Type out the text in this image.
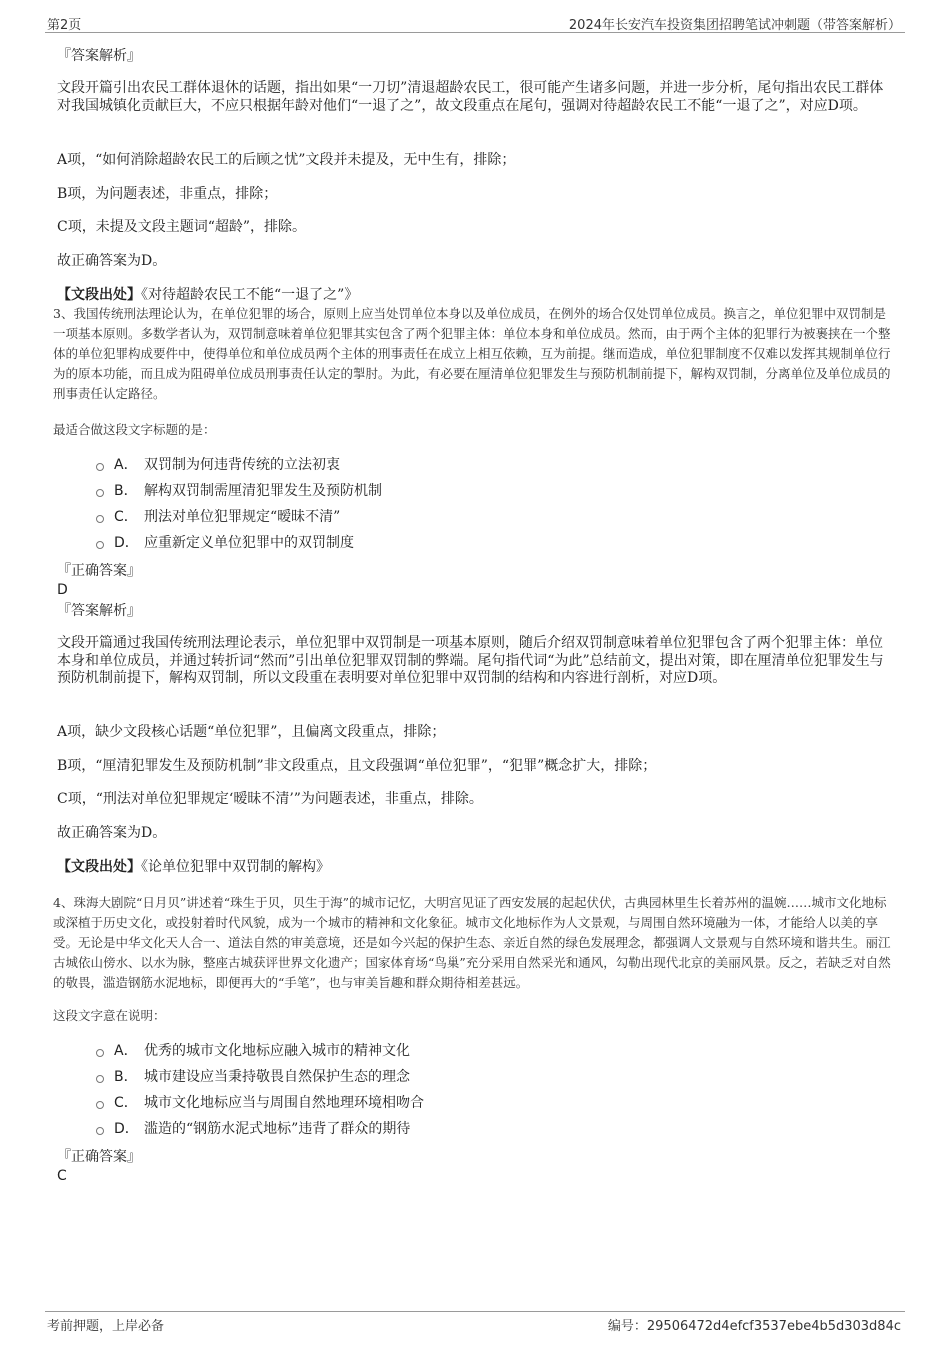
第2页	2024年长安汽车投资集团招聘笔试冲刺题（带答案解析）
『答案解析』
文段开篇引出农民工群体退休的话题，指出如果“一刀切”清退超龄农民工，很可能产生诸多问题，并进一步分析，尾句指出农民工群体对我国城镇化贡献巨大，不应只根据年龄对他们“一退了之”，故文段重点在尾句，强调对待超龄农民工不能“一退了之”，对应D项。
A项，“如何消除超龄农民工的后顾之忧”文段并未提及，无中生有，排除；
B项，为问题表述，非重点，排除；
C项，未提及文段主题词“超龄”，排除。
故正确答案为D。
【文段出处】《对待超龄农民工不能“一退了之”》
3、我国传统刑法理论认为，在单位犯罪的场合，原则上应当处罚单位本身以及单位成员，在例外的场合仅处罚单位成员。换言之，单位犯罪中双罚制是一项基本原则。多数学者认为，双罚制意味着单位犯罪其实包含了两个犯罪主体：单位本身和单位成员。然而，由于两个主体的犯罪行为被裹挟在一个整体的单位犯罪构成要件中，使得单位和单位成员两个主体的刑事责任在成立上相互依赖，互为前提。继而造成，单位犯罪制度不仅难以发挥其规制单位行为的原本功能，而且成为阻碍单位成员刑事责任认定的掣肘。为此，有必要在厘清单位犯罪发生与预防机制前提下，解构双罚制，分离单位及单位成员的刑事责任认定路径。
最适合做这段文字标题的是：
A． 双罚制为何违背传统的立法初衷
B． 解构双罚制需厘清犯罪发生及预防机制
C． 刑法对单位犯罪规定“暧昧不清”
D． 应重新定义单位犯罪中的双罚制度
『正确答案』
D
『答案解析』
文段开篇通过我国传统刑法理论表示，单位犯罪中双罚制是一项基本原则，随后介绍双罚制意味着单位犯罪包含了两个犯罪主体：单位本身和单位成员，并通过转折词“然而”引出单位犯罪双罚制的弊端。尾句指代词“为此”总结前文，提出对策，即在厘清单位犯罪发生与预防机制前提下，解构双罚制，所以文段重在表明要对单位犯罪中双罚制的结构和内容进行剖析，对应D项。
A项，缺少文段核心话题“单位犯罪”，且偏离文段重点，排除；
B项，“厘清犯罪发生及预防机制”非文段重点，且文段强调“单位犯罪”，“犯罪”概念扩大，排除；
C项，“刑法对单位犯罪规定‘暧昧不清’”为问题表述，非重点，排除。
故正确答案为D。
【文段出处】《论单位犯罪中双罚制的解构》
4、珠海大剧院“日月贝”讲述着“珠生于贝，贝生于海”的城市记忆，大明宫见证了西安发展的起起伏伏，古典园林里生长着苏州的温婉……城市文化地标或深植于历史文化，或投射着时代风貌，成为一个城市的精神和文化象征。城市文化地标作为人文景观，与周围自然环境融为一体，才能给人以美的享受。无论是中华文化天人合一、道法自然的审美意境，还是如今兴起的保护生态、亲近自然的绿色发展理念，都强调人文景观与自然环境和谐共生。丽江古城依山傍水、以水为脉，整座古城获评世界文化遗产；国家体育场“鸟巢”充分采用自然采光和通风，勾勒出现代北京的美丽风景。反之，若缺乏对自然的敬畏，滥造钢筋水泥地标，即便再大的“手笔”，也与审美旨趣和群众期待相差甚远。
这段文字意在说明：
A． 优秀的城市文化地标应融入城市的精神文化
B． 城市建设应当秉持敬畏自然保护生态的理念
C． 城市文化地标应当与周围自然地理环境相吻合
D． 滥造的“钢筋水泥式地标”违背了群众的期待
『正确答案』
C
考前押题，上岸必备	编号：29506472d4efcf3537ebe4b5d303d84c
